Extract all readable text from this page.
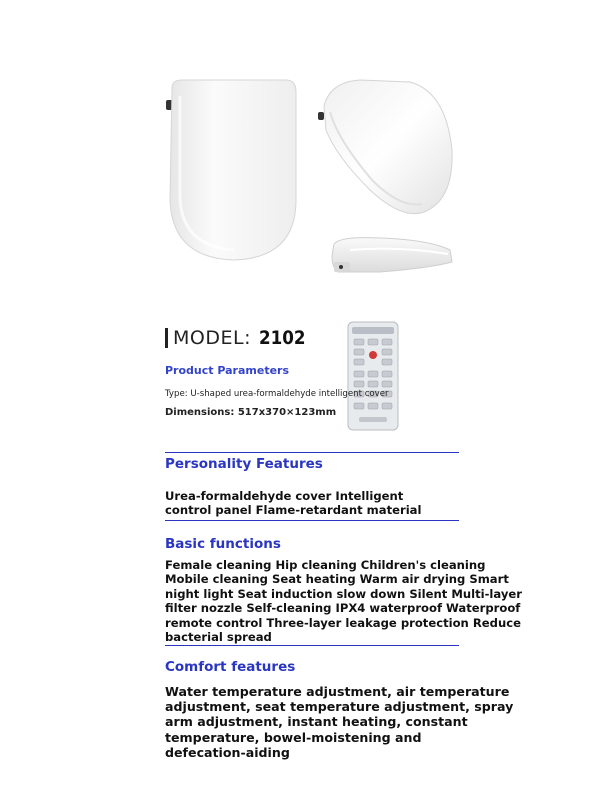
MODEL: 2102
Product Parameters
Type: U-shaped urea-formaldehyde intelligent cover
Dimensions: 517x370×123mm
Personality Features
Urea-formaldehyde cover Intelligent
control panel Flame-retardant material
Basic functions
Female cleaning Hip cleaning Children's cleaning
Mobile cleaning Seat heating Warm air drying Smart
night light Seat induction slow down Silent Multi-layer
filter nozzle Self-cleaning IPX4 waterproof Waterproof
remote control Three-layer leakage protection Reduce
bacterial spread
Comfort features
Water temperature adjustment, air temperature
adjustment, seat temperature adjustment, spray
arm adjustment, instant heating, constant
temperature, bowel-moistening and
defecation-aiding
